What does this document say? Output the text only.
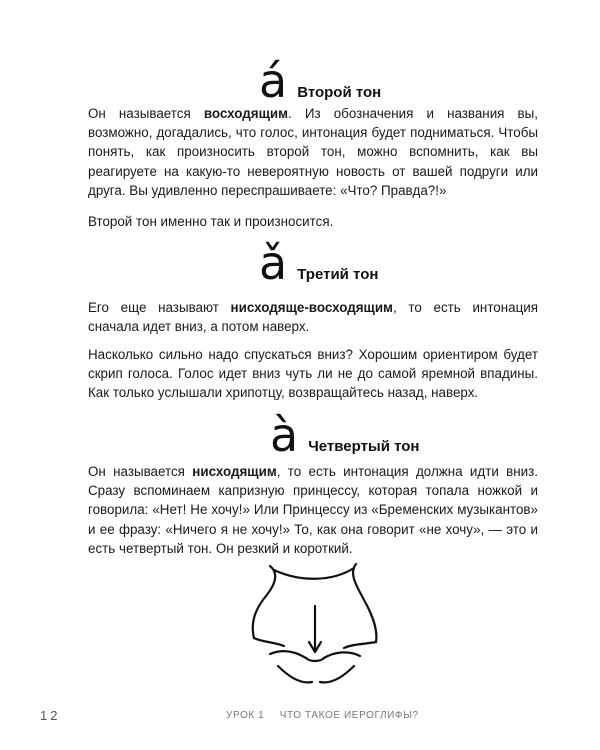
á Второй тон

Он называется восходящим. Из обозначения и названия вы, возможно, догадались, что голос, интонация будет подниматься. Чтобы понять, как произносить второй тон, можно вспомнить, как вы реагируете на какую-то невероятную новость от вашей подруги или друга. Вы удивленно переспрашиваете: «Что? Правда?!»

Второй тон именно так и произносится.

ǎ Третий тон

Его еще называют нисходяще-восходящим, то есть интонация сначала идет вниз, а потом наверх.

Насколько сильно надо спускаться вниз? Хорошим ориентиром будет скрип голоса. Голос идет вниз чуть ли не до самой яремной впадины. Как только услышали хрипотцу, возвращайтесь назад, наверх.

à Четвертый тон

Он называется нисходящим, то есть интонация должна идти вниз. Сразу вспоминаем капризную принцессу, которая топала ножкой и говорила: «Нет! Не хочу!» Или Принцессу из «Бременских музыкантов» и ее фразу: «Ничего я не хочу!» То, как она говорит «не хочу», — это и есть четвертый тон. Он резкий и короткий.

12	УРОК 1 ЧТО ТАКОЕ ИЕРОГЛИФЫ?
